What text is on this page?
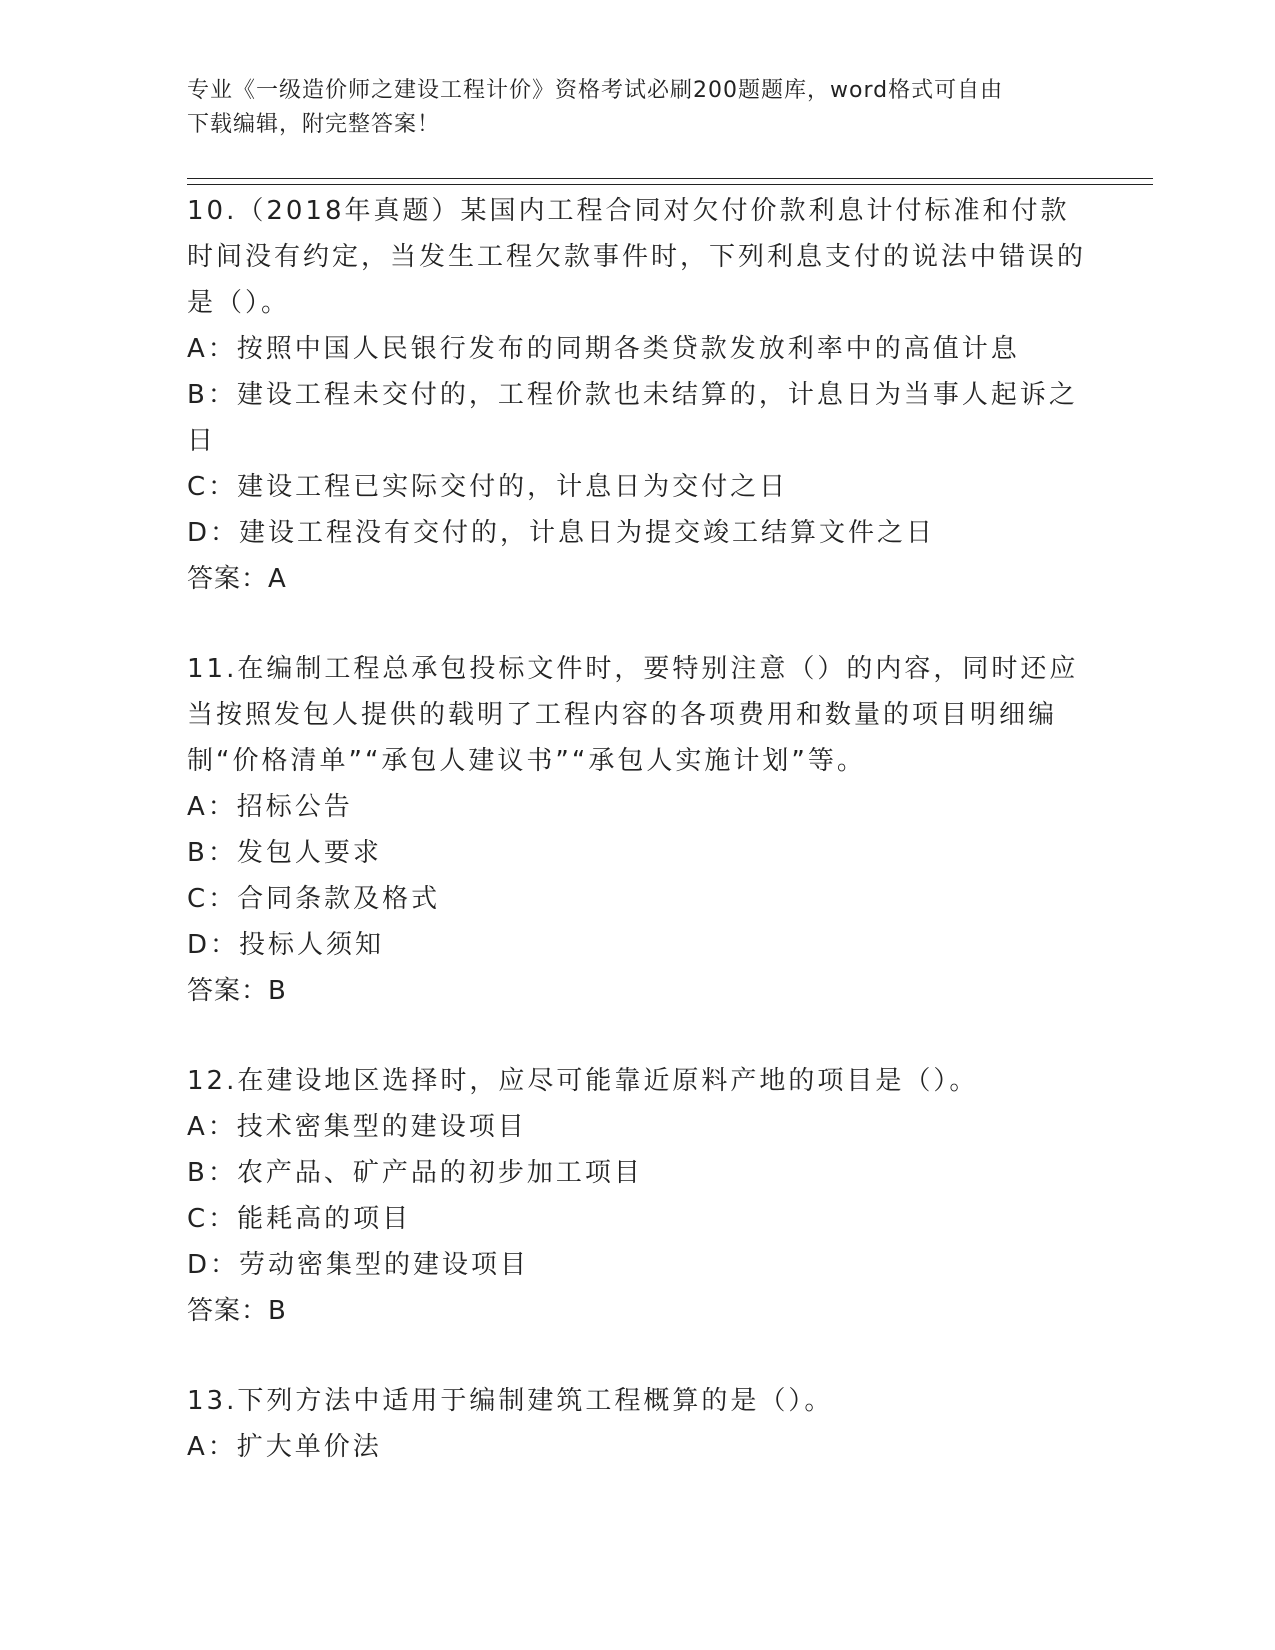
专业《一级造价师之建设工程计价》资格考试必刷200题题库，word格式可自由
下载编辑，附完整答案！
10.（2018年真题）某国内工程合同对欠付价款利息计付标准和付款时间没有约定，当发生工程欠款事件时，下列利息支付的说法中错误的是（）。
A：按照中国人民银行发布的同期各类贷款发放利率中的高值计息
B：建设工程未交付的，工程价款也未结算的，计息日为当事人起诉之日
C：建设工程已实际交付的，计息日为交付之日
D：建设工程没有交付的，计息日为提交竣工结算文件之日
答案：A
11.在编制工程总承包投标文件时，要特别注意（）的内容，同时还应当按照发包人提供的载明了工程内容的各项费用和数量的项目明细编制“价格清单”“承包人建议书”“承包人实施计划”等。
A：招标公告
B：发包人要求
C：合同条款及格式
D：投标人须知
答案：B
12.在建设地区选择时，应尽可能靠近原料产地的项目是（）。
A：技术密集型的建设项目
B：农产品、矿产品的初步加工项目
C：能耗高的项目
D：劳动密集型的建设项目
答案：B
13.下列方法中适用于编制建筑工程概算的是（）。
A：扩大单价法
